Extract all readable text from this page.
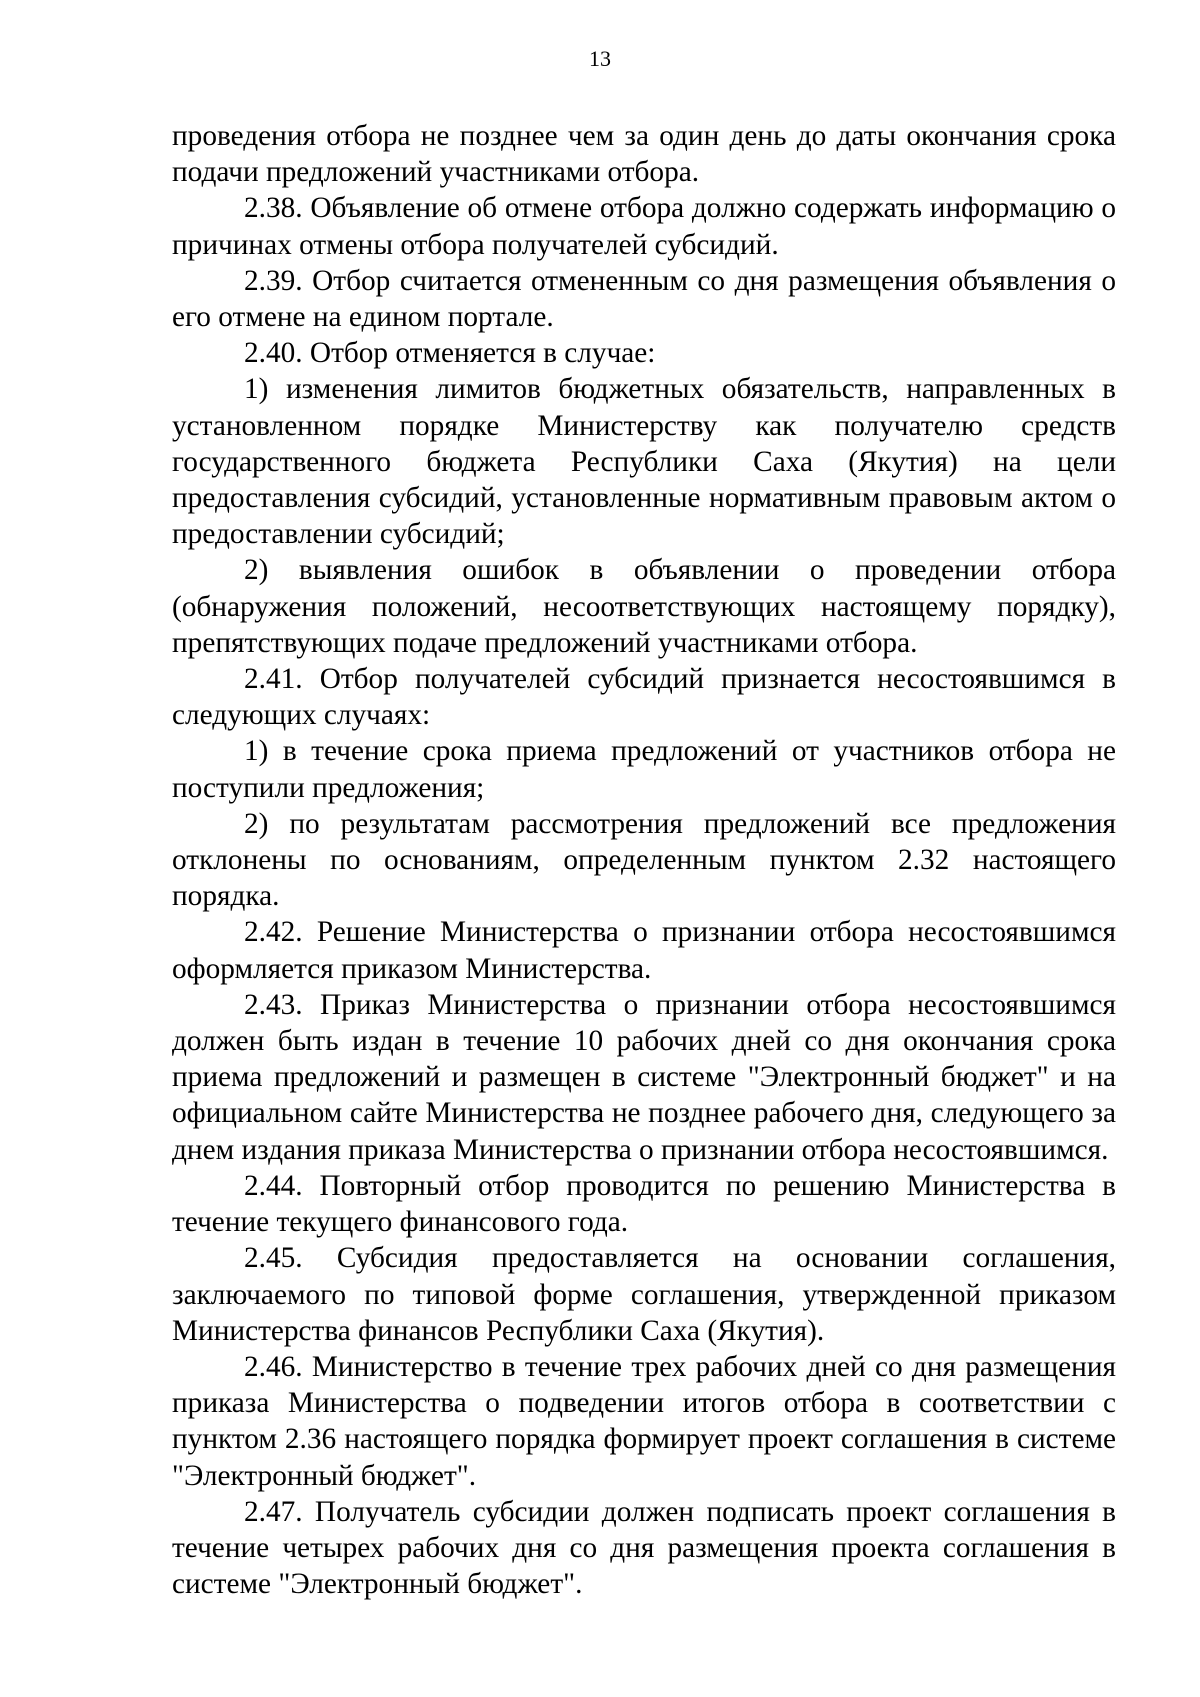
13

проведения отбора не позднее чем за один день до даты окончания срока подачи предложений участниками отбора.

2.38. Объявление об отмене отбора должно содержать информацию о причинах отмены отбора получателей субсидий.

2.39. Отбор считается отмененным со дня размещения объявления о его отмене на едином портале.

2.40. Отбор отменяется в случае:

1) изменения лимитов бюджетных обязательств, направленных в установленном порядке Министерству как получателю средств государственного бюджета Республики Саха (Якутия) на цели предоставления субсидий, установленные нормативным правовым актом о предоставлении субсидий;

2) выявления ошибок в объявлении о проведении отбора (обнаружения положений, несоответствующих настоящему порядку), препятствующих подаче предложений участниками отбора.

2.41. Отбор получателей субсидий признается несостоявшимся в следующих случаях:

1) в течение срока приема предложений от участников отбора не поступили предложения;

2) по результатам рассмотрения предложений все предложения отклонены по основаниям, определенным пунктом 2.32 настоящего порядка.

2.42. Решение Министерства о признании отбора несостоявшимся оформляется приказом Министерства.

2.43. Приказ Министерства о признании отбора несостоявшимся должен быть издан в течение 10 рабочих дней со дня окончания срока приема предложений и размещен в системе "Электронный бюджет" и на официальном сайте Министерства не позднее рабочего дня, следующего за днем издания приказа Министерства о признании отбора несостоявшимся.

2.44. Повторный отбор проводится по решению Министерства в течение текущего финансового года.

2.45. Субсидия предоставляется на основании соглашения, заключаемого по типовой форме соглашения, утвержденной приказом Министерства финансов Республики Саха (Якутия).

2.46. Министерство в течение трех рабочих дней со дня размещения приказа Министерства о подведении итогов отбора в соответствии с пунктом 2.36 настоящего порядка формирует проект соглашения в системе "Электронный бюджет".

2.47. Получатель субсидии должен подписать проект соглашения в течение четырех рабочих дня со дня размещения проекта соглашения в системе "Электронный бюджет".
